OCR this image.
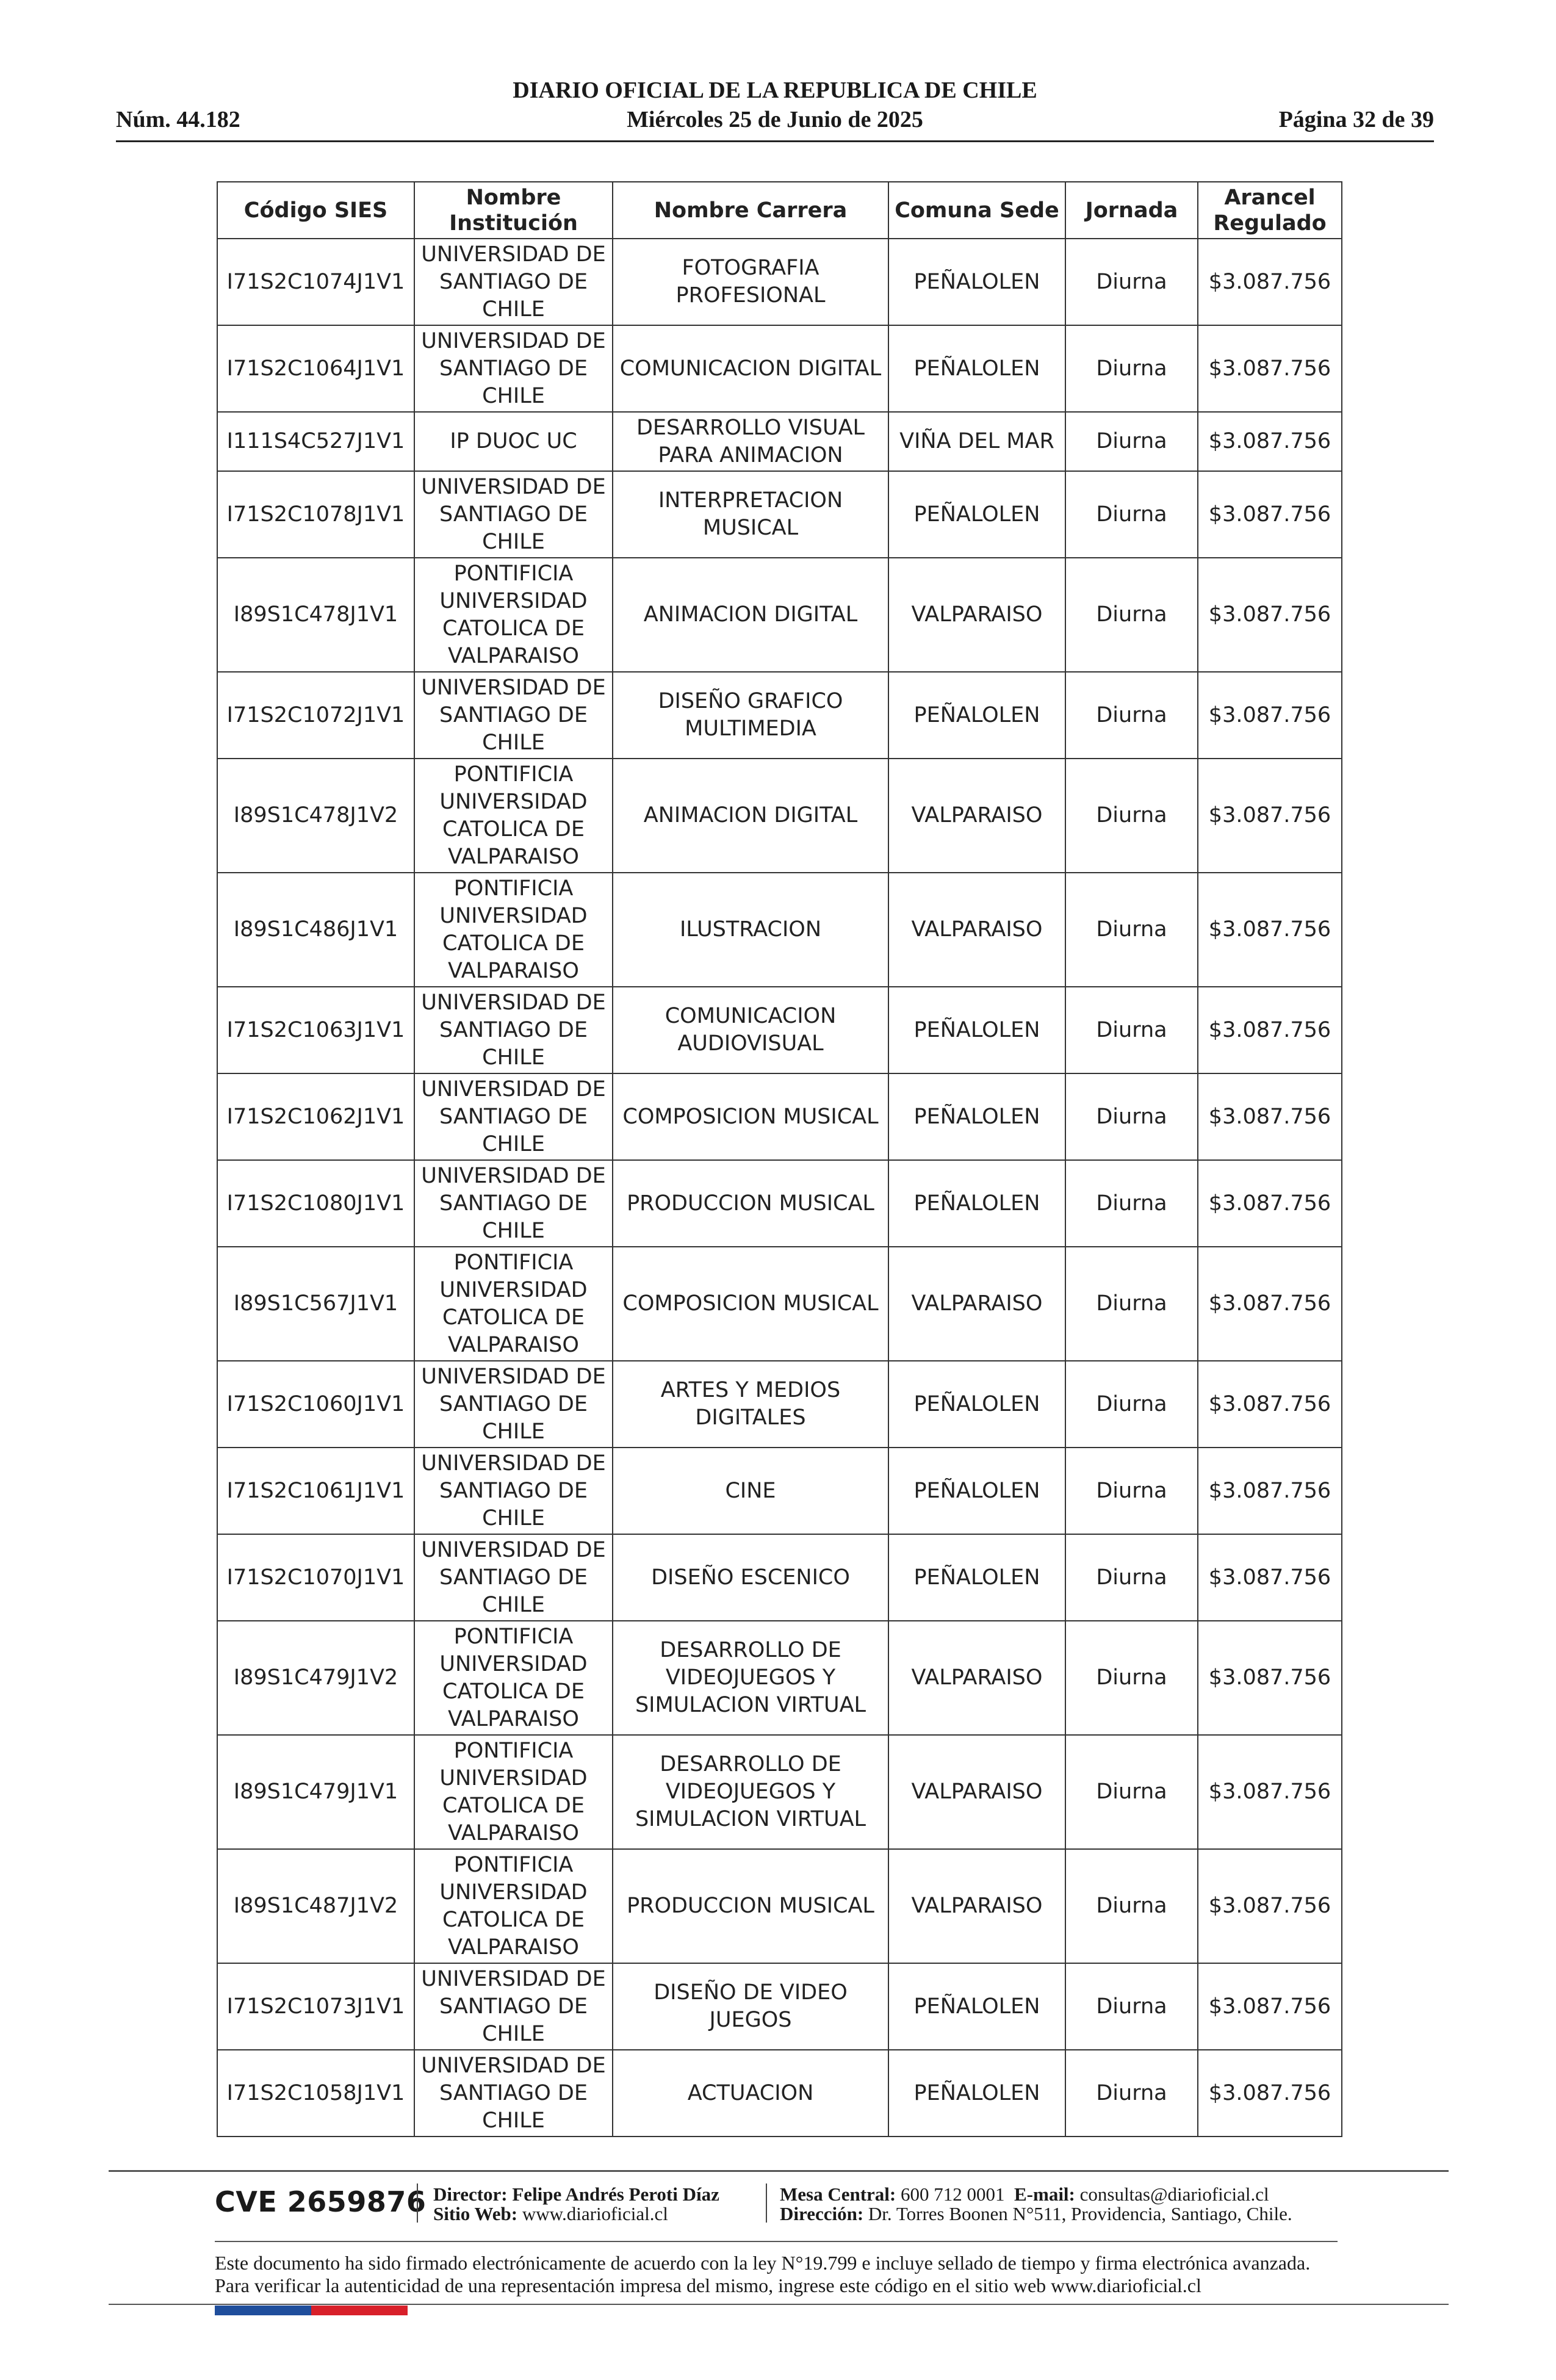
DIARIO OFICIAL DE LA REPUBLICA DE CHILE
Núm. 44.182	Miércoles 25 de Junio de 2025	Página 32 de 39
Código SIES	Nombre Institución	Nombre Carrera	Comuna Sede	Jornada	Arancel Regulado
I71S2C1074J1V1	UNIVERSIDAD DE SANTIAGO DE CHILE	FOTOGRAFIA PROFESIONAL	PEÑALOLEN	Diurna	$3.087.756
I71S2C1064J1V1	UNIVERSIDAD DE SANTIAGO DE CHILE	COMUNICACION DIGITAL	PEÑALOLEN	Diurna	$3.087.756
I111S4C527J1V1	IP DUOC UC	DESARROLLO VISUAL PARA ANIMACION	VIÑA DEL MAR	Diurna	$3.087.756
I71S2C1078J1V1	UNIVERSIDAD DE SANTIAGO DE CHILE	INTERPRETACION MUSICAL	PEÑALOLEN	Diurna	$3.087.756
I89S1C478J1V1	PONTIFICIA UNIVERSIDAD CATOLICA DE VALPARAISO	ANIMACION DIGITAL	VALPARAISO	Diurna	$3.087.756
I71S2C1072J1V1	UNIVERSIDAD DE SANTIAGO DE CHILE	DISEÑO GRAFICO MULTIMEDIA	PEÑALOLEN	Diurna	$3.087.756
I89S1C478J1V2	PONTIFICIA UNIVERSIDAD CATOLICA DE VALPARAISO	ANIMACION DIGITAL	VALPARAISO	Diurna	$3.087.756
I89S1C486J1V1	PONTIFICIA UNIVERSIDAD CATOLICA DE VALPARAISO	ILUSTRACION	VALPARAISO	Diurna	$3.087.756
I71S2C1063J1V1	UNIVERSIDAD DE SANTIAGO DE CHILE	COMUNICACION AUDIOVISUAL	PEÑALOLEN	Diurna	$3.087.756
I71S2C1062J1V1	UNIVERSIDAD DE SANTIAGO DE CHILE	COMPOSICION MUSICAL	PEÑALOLEN	Diurna	$3.087.756
I71S2C1080J1V1	UNIVERSIDAD DE SANTIAGO DE CHILE	PRODUCCION MUSICAL	PEÑALOLEN	Diurna	$3.087.756
I89S1C567J1V1	PONTIFICIA UNIVERSIDAD CATOLICA DE VALPARAISO	COMPOSICION MUSICAL	VALPARAISO	Diurna	$3.087.756
I71S2C1060J1V1	UNIVERSIDAD DE SANTIAGO DE CHILE	ARTES Y MEDIOS DIGITALES	PEÑALOLEN	Diurna	$3.087.756
I71S2C1061J1V1	UNIVERSIDAD DE SANTIAGO DE CHILE	CINE	PEÑALOLEN	Diurna	$3.087.756
I71S2C1070J1V1	UNIVERSIDAD DE SANTIAGO DE CHILE	DISEÑO ESCENICO	PEÑALOLEN	Diurna	$3.087.756
I89S1C479J1V2	PONTIFICIA UNIVERSIDAD CATOLICA DE VALPARAISO	DESARROLLO DE VIDEOJUEGOS Y SIMULACION VIRTUAL	VALPARAISO	Diurna	$3.087.756
I89S1C479J1V1	PONTIFICIA UNIVERSIDAD CATOLICA DE VALPARAISO	DESARROLLO DE VIDEOJUEGOS Y SIMULACION VIRTUAL	VALPARAISO	Diurna	$3.087.756
I89S1C487J1V2	PONTIFICIA UNIVERSIDAD CATOLICA DE VALPARAISO	PRODUCCION MUSICAL	VALPARAISO	Diurna	$3.087.756
I71S2C1073J1V1	UNIVERSIDAD DE SANTIAGO DE CHILE	DISEÑO DE VIDEO JUEGOS	PEÑALOLEN	Diurna	$3.087.756
I71S2C1058J1V1	UNIVERSIDAD DE SANTIAGO DE CHILE	ACTUACION	PEÑALOLEN	Diurna	$3.087.756
CVE 2659876 Director: Felipe Andrés Peroti Díaz
Sitio Web: www.diarioficial.cl
Mesa Central: 600 712 0001 E-mail: consultas@diarioficial.cl
Dirección: Dr. Torres Boonen N°511, Providencia, Santiago, Chile.
Este documento ha sido firmado electrónicamente de acuerdo con la ley N°19.799 e incluye sellado de tiempo y firma electrónica avanzada. Para verificar la autenticidad de una representación impresa del mismo, ingrese este código en el sitio web www.diarioficial.cl
